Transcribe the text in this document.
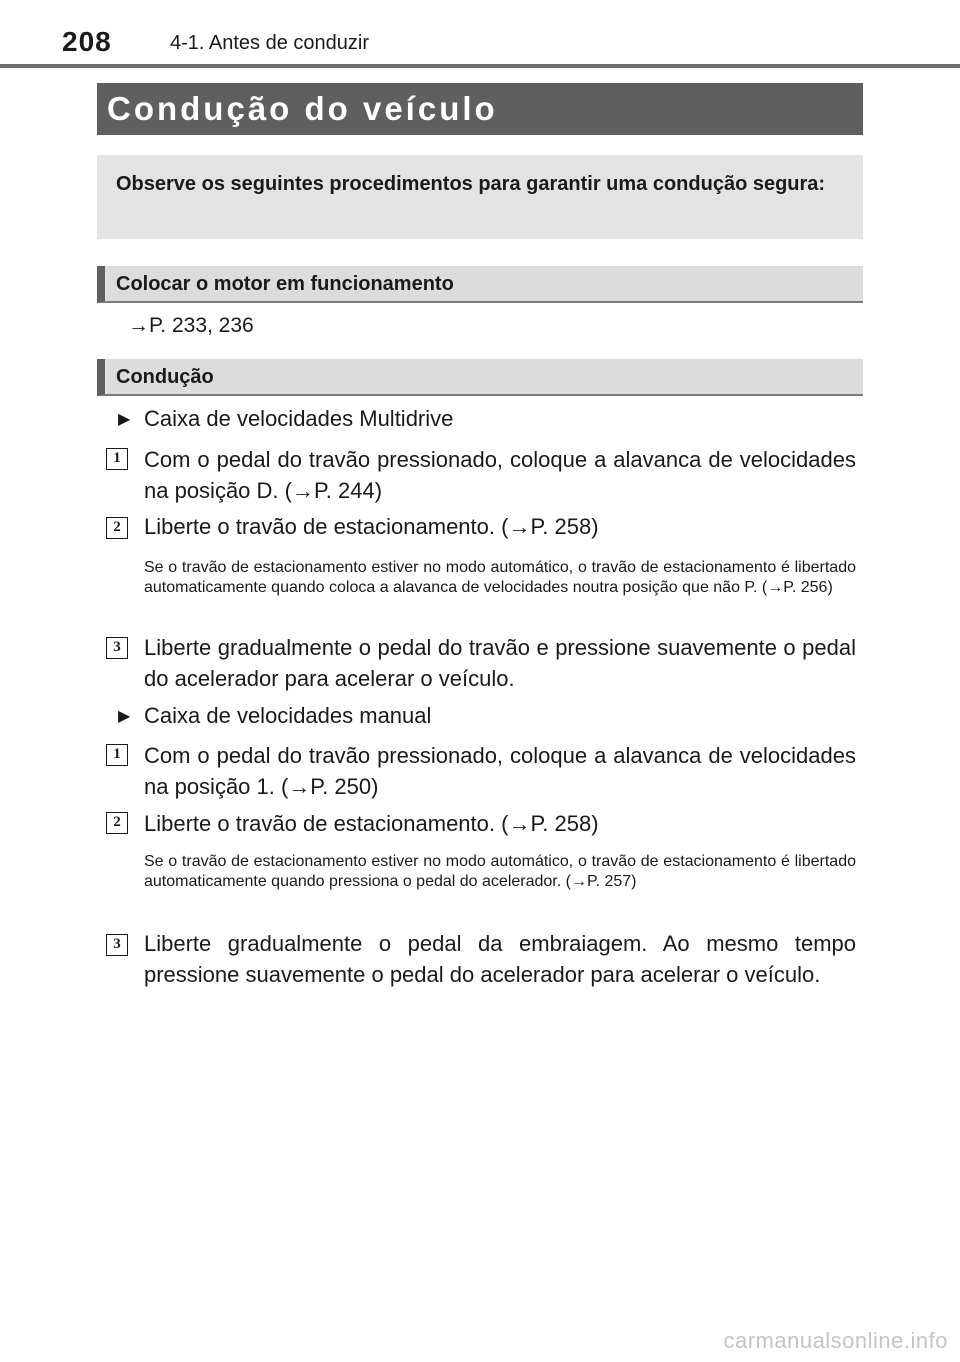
208	4-1. Antes de conduzir
Condução do veículo
Observe os seguintes procedimentos para garantir uma condução segura:
Colocar o motor em funcionamento
→P. 233, 236
Condução
▶ Caixa de velocidades Multidrive
1	Com o pedal do travão pressionado, coloque a alavanca de velocidades na posição D. (→P. 244)
2	Liberte o travão de estacionamento. (→P. 258)
Se o travão de estacionamento estiver no modo automático, o travão de estacionamento é libertado automaticamente quando coloca a alavanca de velocidades noutra posição que não P. (→P. 256)
3	Liberte gradualmente o pedal do travão e pressione suavemente o pedal do acelerador para acelerar o veículo.
▶ Caixa de velocidades manual
1	Com o pedal do travão pressionado, coloque a alavanca de velocidades na posição 1. (→P. 250)
2	Liberte o travão de estacionamento. (→P. 258)
Se o travão de estacionamento estiver no modo automático, o travão de estacionamento é libertado automaticamente quando pressiona o pedal do acelerador. (→P. 257)
3	Liberte gradualmente o pedal da embraiagem. Ao mesmo tempo pressione suavemente o pedal do acelerador para acelerar o veículo.
carmanualsonline.info
